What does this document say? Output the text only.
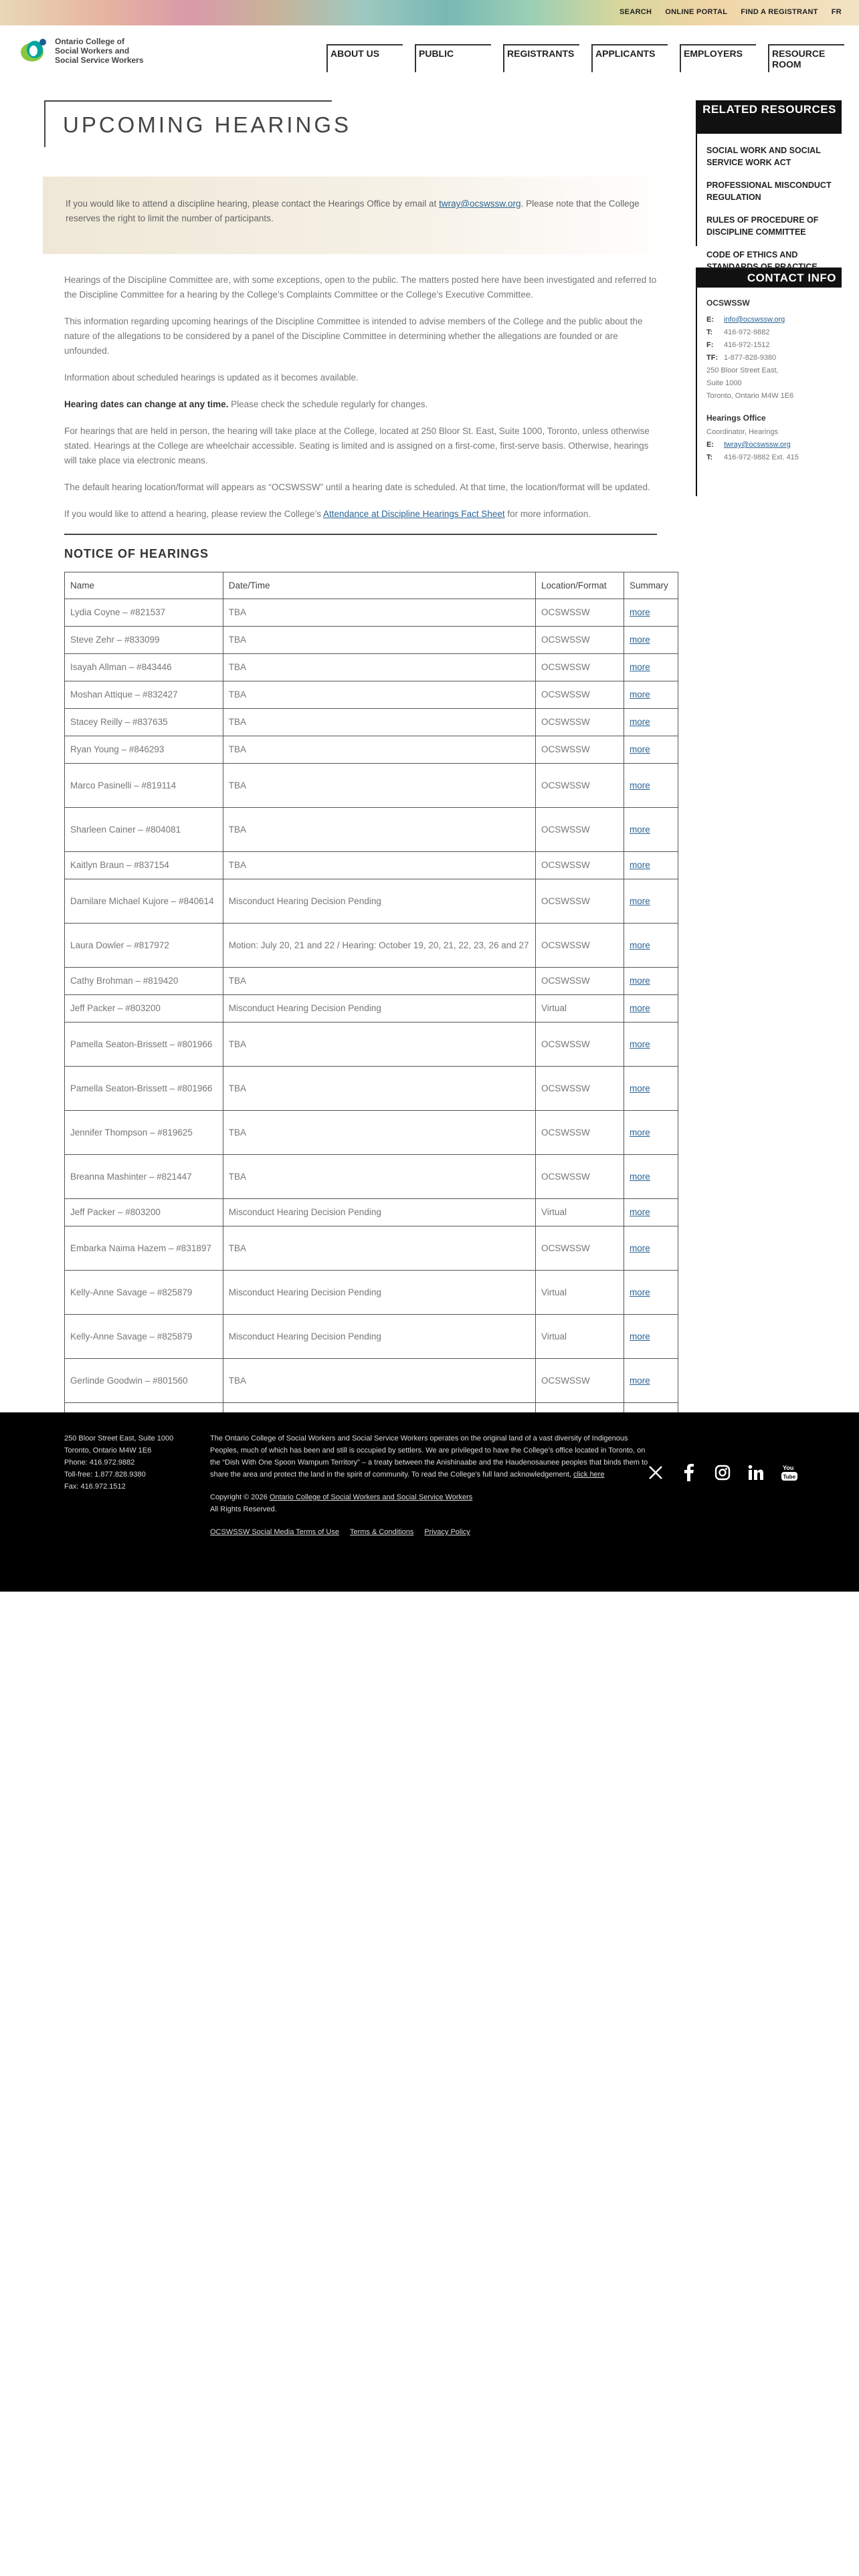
SEARCH ONLINE PORTAL FIND A REGISTRANT FR
Ontario College of Social Workers and Social Service Workers
ABOUT US	PUBLIC	REGISTRANTS	APPLICANTS	EMPLOYERS	RESOURCE ROOM
UPCOMING HEARINGS
If you would like to attend a discipline hearing, please contact the Hearings Office by email at twray@ocswssw.org. Please note that the College reserves the right to limit the number of participants.

Hearings of the Discipline Committee are, with some exceptions, open to the public. The matters posted here have been investigated and referred to the Discipline Committee for a hearing by the College’s Complaints Committee or the College’s Executive Committee.

This information regarding upcoming hearings of the Discipline Committee is intended to advise members of the College and the public about the nature of the allegations to be considered by a panel of the Discipline Committee in determining whether the allegations are founded or are unfounded.

Information about scheduled hearings is updated as it becomes available.

Hearing dates can change at any time. Please check the schedule regularly for changes.

For hearings that are held in person, the hearing will take place at the College, located at 250 Bloor St. East, Suite 1000, Toronto, unless otherwise stated. Hearings at the College are wheelchair accessible. Seating is limited and is assigned on a first-come, first-serve basis. Otherwise, hearings will take place via electronic means.

The default hearing location/format will appears as “OCSWSSW” until a hearing date is scheduled. At that time, the location/format will be updated.

If you would like to attend a hearing, please review the College’s Attendance at Discipline Hearings Fact Sheet for more information.

NOTICE OF HEARINGS
Name	Date/Time	Location/Format	Summary
Lydia Coyne – #821537	TBA	OCSWSSW	more
Steve Zehr – #833099	TBA	OCSWSSW	more
Isayah Allman – #843446	TBA	OCSWSSW	more
Moshan Attique – #832427	TBA	OCSWSSW	more
Stacey Reilly – #837635	TBA	OCSWSSW	more
Ryan Young – #846293	TBA	OCSWSSW	more
Marco Pasinelli – #819114	TBA	OCSWSSW	more
Sharleen Cainer – #804081	TBA	OCSWSSW	more
Kaitlyn Braun – #837154	TBA	OCSWSSW	more
Damilare Michael Kujore – #840614	Misconduct Hearing Decision Pending	OCSWSSW	more
Laura Dowler – #817972	Motion: July 20, 21 and 22 / Hearing: October 19, 20, 21, 22, 23, 26 and 27	OCSWSSW	more
Cathy Brohman – #819420	TBA	OCSWSSW	more
Jeff Packer – #803200	Misconduct Hearing Decision Pending	Virtual	more
Pamella Seaton-Brissett – #801966	TBA	OCSWSSW	more
Pamella Seaton-Brissett – #801966	TBA	OCSWSSW	more
Jennifer Thompson – #819625	TBA	OCSWSSW	more
Breanna Mashinter – #821447	TBA	OCSWSSW	more
Jeff Packer – #803200	Misconduct Hearing Decision Pending	Virtual	more
Embarka Naima Hazem – #831897	TBA	OCSWSSW	more
Kelly-Anne Savage – #825879	Misconduct Hearing Decision Pending	Virtual	more
Kelly-Anne Savage – #825879	Misconduct Hearing Decision Pending	Virtual	more
Gerlinde Goodwin – #801560	TBA	OCSWSSW	more

RELATED RESOURCES
SOCIAL WORK AND SOCIAL SERVICE WORK ACT
PROFESSIONAL MISCONDUCT REGULATION
RULES OF PROCEDURE OF DISCIPLINE COMMITTEE
CODE OF ETHICS AND STANDARDS OF PRACTICE
CONTACT INFO
OCSWSSW
E:	info@ocswssw.org
T:	416-972-9882
F:	416-972-1512
TF: 1-877-828-9380
250 Bloor Street East,
Suite 1000
Toronto, Ontario M4W 1E6
Hearings Office
Coordinator, Hearings
E:	twray@ocswssw.org
T:	416-972-9882 Ext. 415
250 Bloor Street East, Suite 1000
Toronto, Ontario M4W 1E6
Phone: 416.972.9882
Toll-free: 1.877.828.9380
Fax: 416.972.1512
The Ontario College of Social Workers and Social Service Workers operates on the original land of a vast diversity of Indigenous Peoples, much of which has been and still is occupied by settlers. We are privileged to have the College’s office located in Toronto, on the “Dish With One Spoon Wampum Territory” – a treaty between the Anishinaabe and the Haudenosaunee peoples that binds them to share the area and protect the land in the spirit of community. To read the College’s full land acknowledgement, click here
Copyright © 2026 Ontario College of Social Workers and Social Service Workers
All Rights Reserved.
OCSWSSW Social Media Terms of Use Terms & Conditions Privacy Policy
You
Tube
